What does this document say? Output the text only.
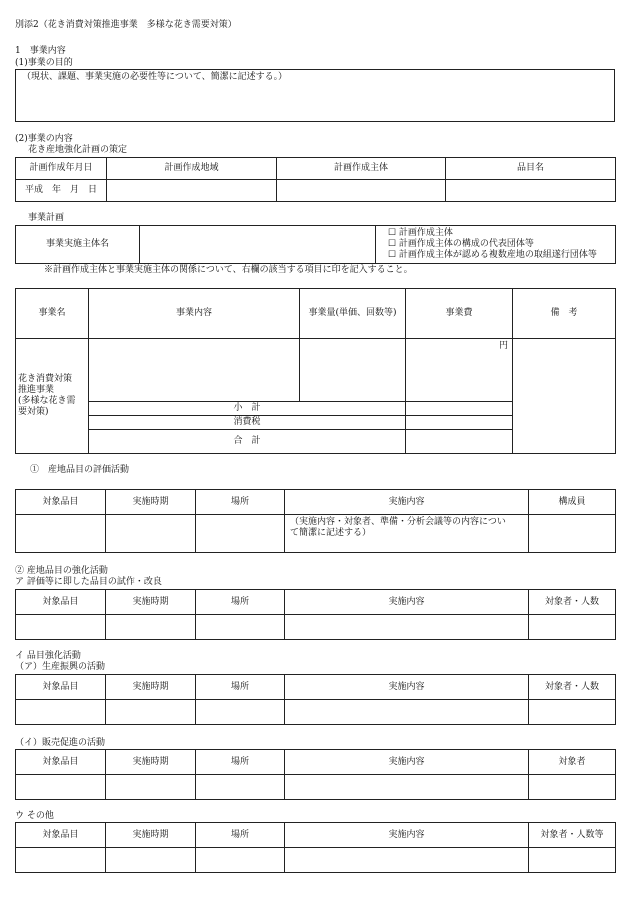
別添2（花き消費対策推進事業　多様な花き需要対策）
1　事業内容
(1)事業の目的
（現状、課題、事業実施の必要性等について、簡潔に記述する。）
(2)事業の内容
花き産地強化計画の策定
計画作成年月日	計画作成地域	計画作成主体	品目名
平成　年　月　日			
事業計画
事業実施主体名		
☐ 計画作成主体
☐ 計画作成主体の構成の代表団体等
☐ 計画作成主体が認める複数産地の取組遂行団体等
※計画作成主体と事業実施主体の関係について、右欄の該当する項目に印を記入すること。
事業名	事業内容	事業量(単価、回数等)	事業費	備　考

花き消費対策
推進事業
(多様な花き需
要対策)			円	
	小　計			
	消費税			
	合　計			
①　産地品目の評価活動
対象品目	実施時期	場所	実施内容	構成員

			（実施内容・対象者、準備・分析会議等の内容につい
て簡潔に記述する）	

② 産地品目の強化活動
ア 評価等に即した品目の試作・改良
対象品目	実施時期	場所	実施内容	対象者・人数

イ 品目強化活動
（ア）生産振興の活動
対象品目	実施時期	場所	実施内容	対象者・人数

（イ）販売促進の活動
対象品目	実施時期	場所	実施内容	対象者

ウ その他
対象品目	実施時期	場所	実施内容	対象者・人数等
